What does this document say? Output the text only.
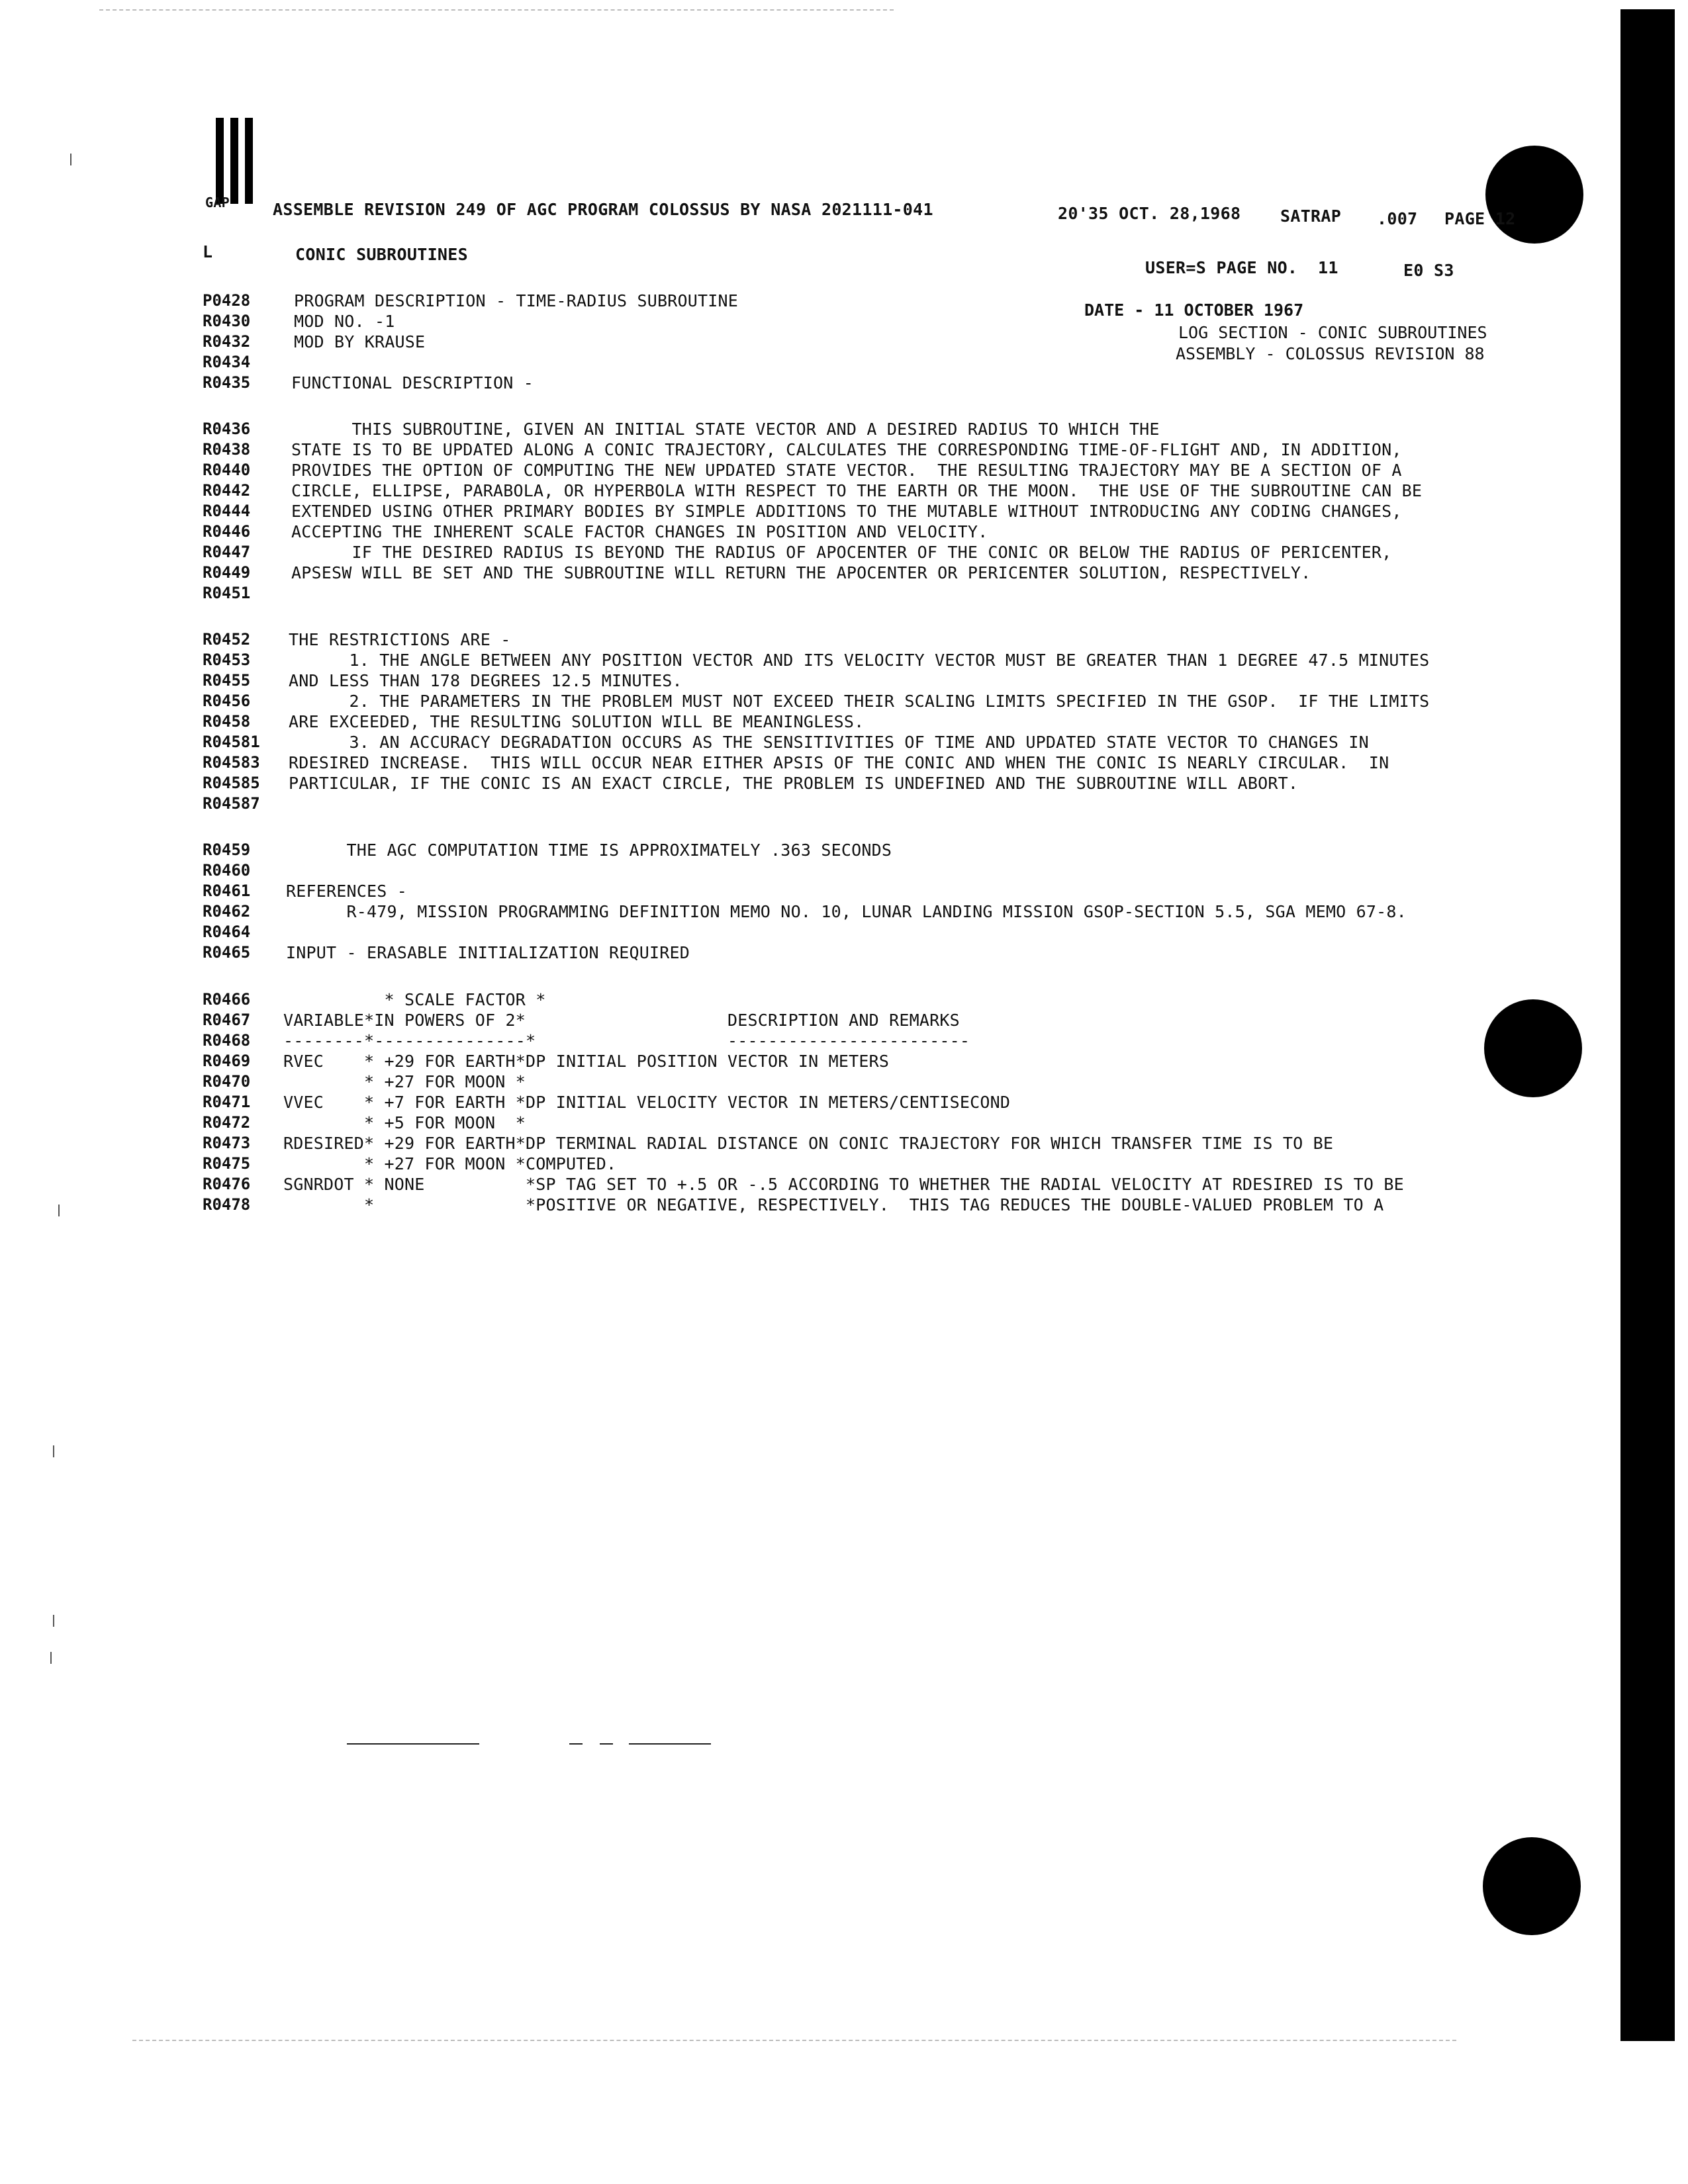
GAP	ASSEMBLE REVISION 249 OF AGC PROGRAM COLOSSUS BY NASA 2021111-041	20'35 OCT. 28,1968 SATRAP .007 PAGE 12
L	CONIC SUBROUTINES
USER=S PAGE NO.  11	E0 S3
DATE - 11 OCTOBER 1967
LOG SECTION - CONIC SUBROUTINES
ASSEMBLY - COLOSSUS REVISION 88
P0428	PROGRAM DESCRIPTION - TIME-RADIUS SUBROUTINE
R0430	MOD NO. -1
R0432	MOD BY KRAUSE
R0434
R0435 FUNCTIONAL DESCRIPTION -
R0436 THIS SUBROUTINE, GIVEN AN INITIAL STATE VECTOR AND A DESIRED RADIUS TO WHICH THE
R0438 STATE IS TO BE UPDATED ALONG A CONIC TRAJECTORY, CALCULATES THE CORRESPONDING TIME-OF-FLIGHT AND, IN ADDITION,
R0440 PROVIDES THE OPTION OF COMPUTING THE NEW UPDATED STATE VECTOR.  THE RESULTING TRAJECTORY MAY BE A SECTION OF A
R0442 CIRCLE, ELLIPSE, PARABOLA, OR HYPERBOLA WITH RESPECT TO THE EARTH OR THE MOON.  THE USE OF THE SUBROUTINE CAN BE
R0444 EXTENDED USING OTHER PRIMARY BODIES BY SIMPLE ADDITIONS TO THE MUTABLE WITHOUT INTRODUCING ANY CODING CHANGES,
R0446 ACCEPTING THE INHERENT SCALE FACTOR CHANGES IN POSITION AND VELOCITY.
R0447 IF THE DESIRED RADIUS IS BEYOND THE RADIUS OF APOCENTER OF THE CONIC OR BELOW THE RADIUS OF PERICENTER,
R0449 APSESW WILL BE SET AND THE SUBROUTINE WILL RETURN THE APOCENTER OR PERICENTER SOLUTION, RESPECTIVELY.
R0451
R0452 THE RESTRICTIONS ARE -
R0453 1. THE ANGLE BETWEEN ANY POSITION VECTOR AND ITS VELOCITY VECTOR MUST BE GREATER THAN 1 DEGREE 47.5 MINUTES
R0455 AND LESS THAN 178 DEGREES 12.5 MINUTES.
R0456 2. THE PARAMETERS IN THE PROBLEM MUST NOT EXCEED THEIR SCALING LIMITS SPECIFIED IN THE GSOP.  IF THE LIMITS
R0458 ARE EXCEEDED, THE RESULTING SOLUTION WILL BE MEANINGLESS.
R04581 3. AN ACCURACY DEGRADATION OCCURS AS THE SENSITIVITIES OF TIME AND UPDATED STATE VECTOR TO CHANGES IN
R04583 RDESIRED INCREASE.  THIS WILL OCCUR NEAR EITHER APSIS OF THE CONIC AND WHEN THE CONIC IS NEARLY CIRCULAR.  IN
R04585 PARTICULAR, IF THE CONIC IS AN EXACT CIRCLE, THE PROBLEM IS UNDEFINED AND THE SUBROUTINE WILL ABORT.
R04587
R0459 THE AGC COMPUTATION TIME IS APPROXIMATELY .363 SECONDS
R0460
R0461 REFERENCES -
R0462 R-479, MISSION PROGRAMMING DEFINITION MEMO NO. 10, LUNAR LANDING MISSION GSOP-SECTION 5.5, SGA MEMO 67-8.
R0464
R0465 INPUT - ERASABLE INITIALIZATION REQUIRED
R0466 * SCALE FACTOR *
R0467 VARIABLE*IN POWERS OF 2*                    DESCRIPTION AND REMARKS
R0468 --------*---------------*                   ------------------------
R0469 RVEC    * +29 FOR EARTH*DP INITIAL POSITION VECTOR IN METERS
R0470 * +27 FOR MOON *
R0471 VVEC    * +7 FOR EARTH *DP INITIAL VELOCITY VECTOR IN METERS/CENTISECOND
R0472 * +5 FOR MOON  *
R0473 RDESIRED* +29 FOR EARTH*DP TERMINAL RADIAL DISTANCE ON CONIC TRAJECTORY FOR WHICH TRANSFER TIME IS TO BE
R0475 * +27 FOR MOON *COMPUTED.
R0476 SGNRDOT * NONE          *SP TAG SET TO +.5 OR -.5 ACCORDING TO WHETHER THE RADIAL VELOCITY AT RDESIRED IS TO BE
R0478 *               *POSITIVE OR NEGATIVE, RESPECTIVELY.  THIS TAG REDUCES THE DOUBLE-VALUED PROBLEM TO A
